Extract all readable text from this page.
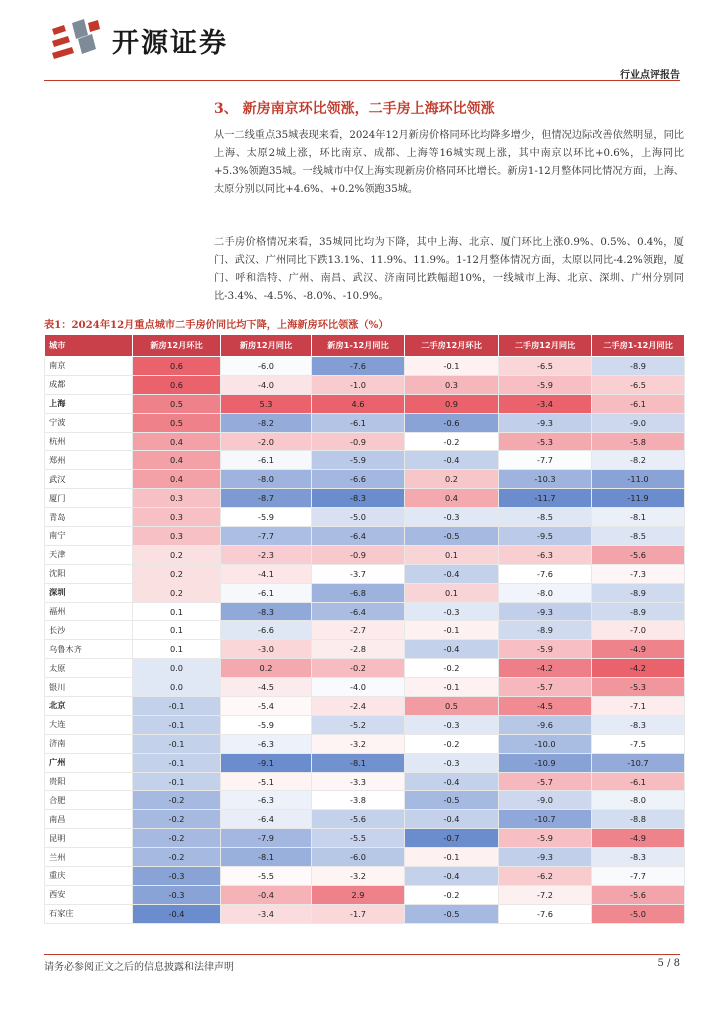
开源证券
行业点评报告
3、 新房南京环比领涨，二手房上海环比领涨

从一二线重点35城表现来看，2024年12月新房价格同环比均降多增少，但情况边际改善依然明显，同比上海、太原2城上涨，环比南京、成都、上海等16城实现上涨，其中南京以环比+0.6%，上海同比+5.3%领跑35城。一线城市中仅上海实现新房价格同环比增长。新房1-12月整体同比情况方面，上海、太原分别以同比+4.6%、+0.2%领跑35城。

二手房价格情况来看，35城同比均为下降，其中上海、北京、厦门环比上涨0.9%、0.5%、0.4%，厦门、武汉、广州同比下跌13.1%、11.9%、11.9%。1-12月整体情况方面，太原以同比-4.2%领跑，厦门、呼和浩特、广州、南昌、武汉、济南同比跌幅超10%，一线城市上海、北京、深圳、广州分别同比-3.4%、-4.5%、-8.0%、-10.9%。

表1：2024年12月重点城市二手房价同比均下降，上海新房环比领涨（%）
城市	新房12月环比	新房12月同比	新房1-12月同比	二手房12月环比	二手房12月同比	二手房1-12月同比
南京	0.6	-6.0	-7.6	-0.1	-6.5	-8.9
成都	0.6	-4.0	-1.0	0.3	-5.9	-6.5
上海	0.5	5.3	4.6	0.9	-3.4	-6.1
宁波	0.5	-8.2	-6.1	-0.6	-9.3	-9.0
杭州	0.4	-2.0	-0.9	-0.2	-5.3	-5.8
郑州	0.4	-6.1	-5.9	-0.4	-7.7	-8.2
武汉	0.4	-8.0	-6.6	0.2	-10.3	-11.0
厦门	0.3	-8.7	-8.3	0.4	-11.7	-11.9
青岛	0.3	-5.9	-5.0	-0.3	-8.5	-8.1
南宁	0.3	-7.7	-6.4	-0.5	-9.5	-8.5
天津	0.2	-2.3	-0.9	0.1	-6.3	-5.6
沈阳	0.2	-4.1	-3.7	-0.4	-7.6	-7.3
深圳	0.2	-6.1	-6.8	0.1	-8.0	-8.9
福州	0.1	-8.3	-6.4	-0.3	-9.3	-8.9
长沙	0.1	-6.6	-2.7	-0.1	-8.9	-7.0
乌鲁木齐	0.1	-3.0	-2.8	-0.4	-5.9	-4.9
太原	0.0	0.2	-0.2	-0.2	-4.2	-4.2
银川	0.0	-4.5	-4.0	-0.1	-5.7	-5.3
北京	-0.1	-5.4	-2.4	0.5	-4.5	-7.1
大连	-0.1	-5.9	-5.2	-0.3	-9.6	-8.3
济南	-0.1	-6.3	-3.2	-0.2	-10.0	-7.5
广州	-0.1	-9.1	-8.1	-0.3	-10.9	-10.7
贵阳	-0.1	-5.1	-3.3	-0.4	-5.7	-6.1
合肥	-0.2	-6.3	-3.8	-0.5	-9.0	-8.0
南昌	-0.2	-6.4	-5.6	-0.4	-10.7	-8.8
昆明	-0.2	-7.9	-5.5	-0.7	-5.9	-4.9
兰州	-0.2	-8.1	-6.0	-0.1	-9.3	-8.3
重庆	-0.3	-5.5	-3.2	-0.4	-6.2	-7.7
西安	-0.3	-0.4	2.9	-0.2	-7.2	-5.6
石家庄	-0.4	-3.4	-1.7	-0.5	-7.6	-5.0
请务必参阅正文之后的信息披露和法律声明	5 / 8
